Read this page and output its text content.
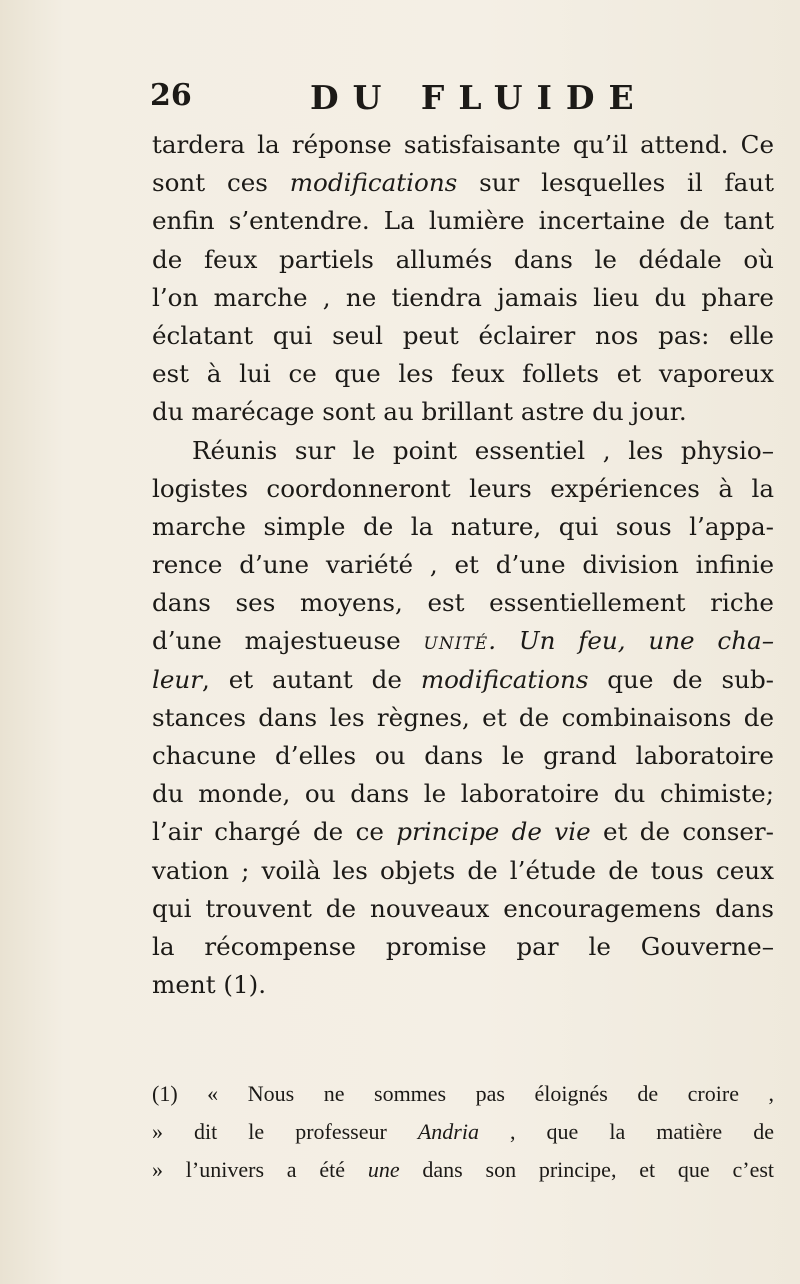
26	DU FLUIDE
tardera la réponse satisfaisante qu’il attend. Ce
sont ces modifications sur lesquelles il faut
enfin s’entendre. La lumière incertaine de tant
de feux partiels allumés dans le dédale où
l’on marche , ne tiendra jamais lieu du phare
éclatant qui seul peut éclairer nos pas: elle
est à lui ce que les feux follets et vaporeux
du marécage sont au brillant astre du jour.
Réunis sur le point essentiel , les physio–
logistes coordonneront leurs expériences à la
marche simple de la nature, qui sous l’appa-
rence d’une variété , et d’une division infinie
dans ses moyens, est essentiellement riche
d’une majestueuse unité. Un feu, une cha–
leur, et autant de modifications que de sub-
stances dans les règnes, et de combinaisons de
chacune d’elles ou dans le grand laboratoire
du monde, ou dans le laboratoire du chimiste;
l’air chargé de ce principe de vie et de conser-
vation ; voilà les objets de l’étude de tous ceux
qui trouvent de nouveaux encouragemens dans
la récompense promise par le Gouverne–
ment (1).
(1) « Nous ne sommes pas éloignés de croire ,
» dit le professeur Andria , que la matière de
» l’univers a été une dans son principe, et que c’est
